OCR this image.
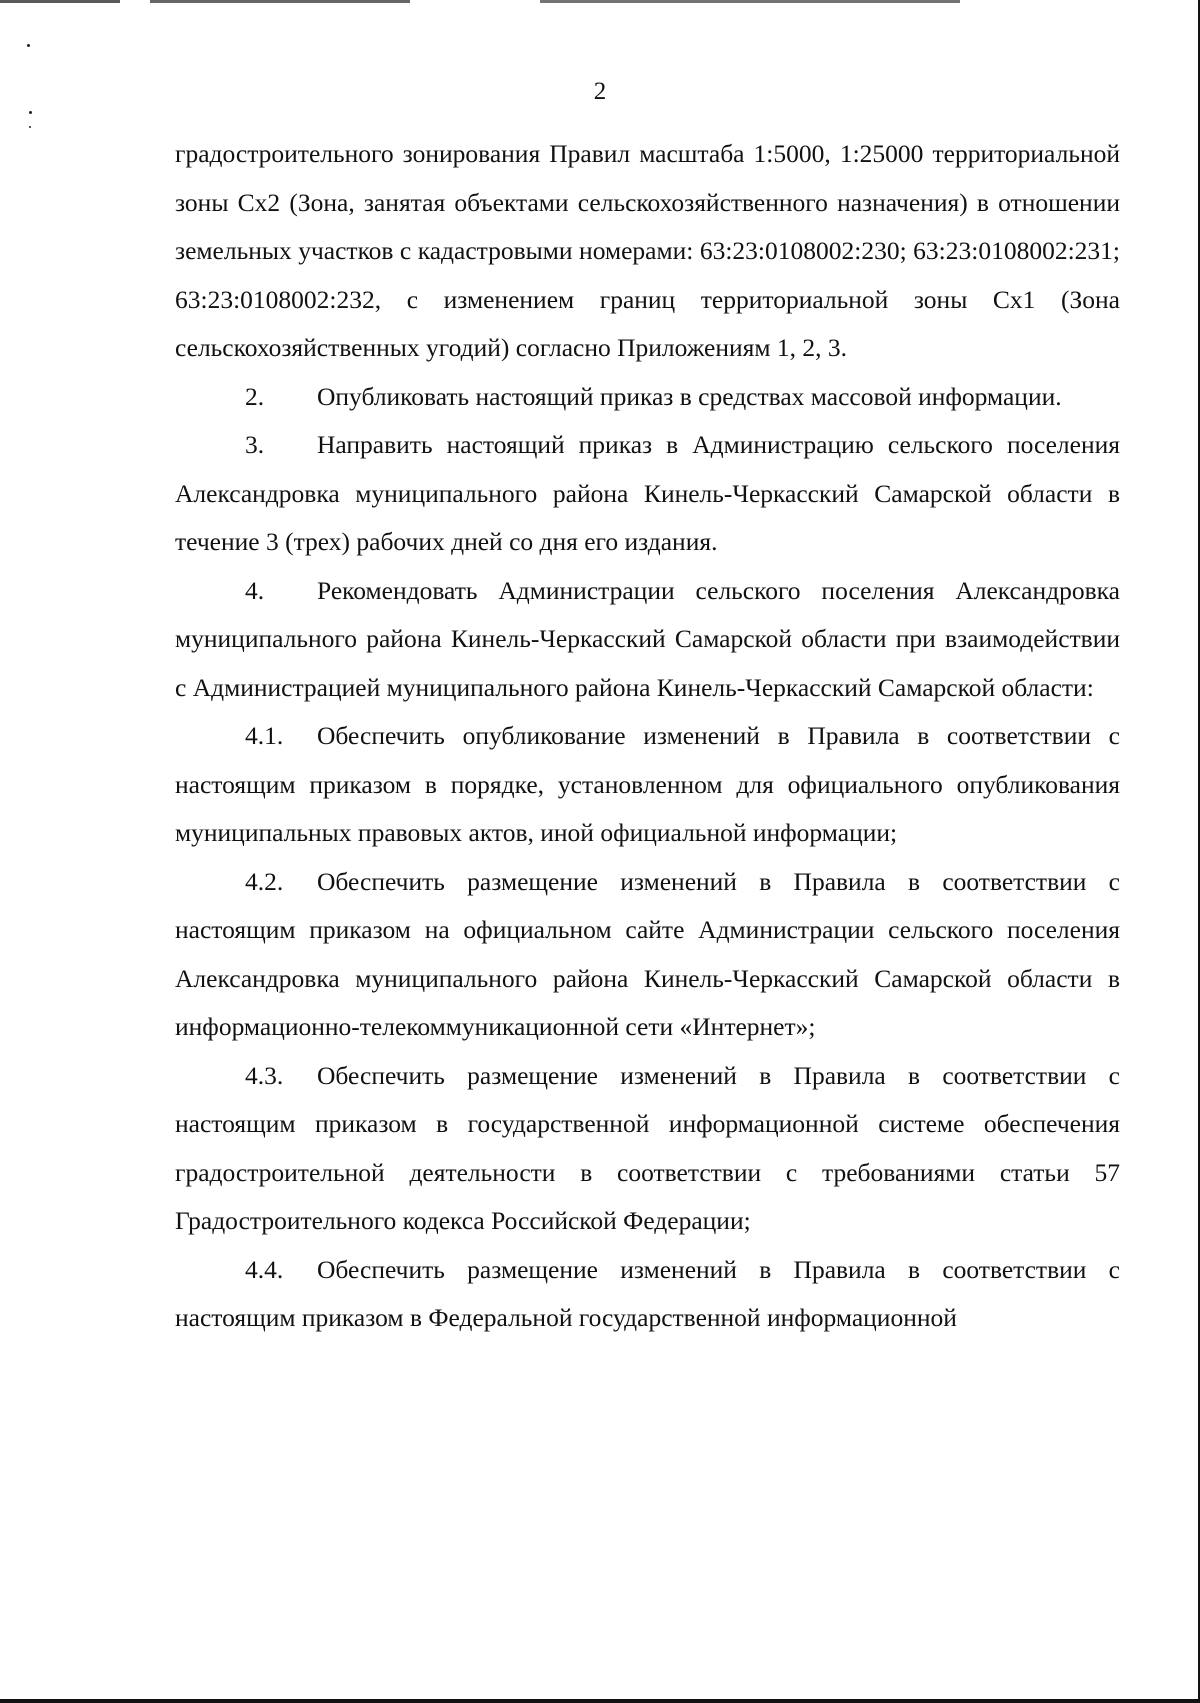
2

градостроительного зонирования Правил масштаба 1:5000, 1:25000 территориальной зоны Сх2 (Зона, занятая объектами сельскохозяйственного назначения) в отношении земельных участков с кадастровыми номерами: 63:23:0108002:230; 63:23:0108002:231; 63:23:0108002:232, с изменением границ территориальной зоны Сх1 (Зона сельскохозяйственных угодий) согласно Приложениям 1, 2, 3.

2. Опубликовать настоящий приказ в средствах массовой информации.

3. Направить настоящий приказ в Администрацию сельского поселения Александровка муниципального района Кинель-Черкасский Самарской области в течение 3 (трех) рабочих дней со дня его издания.

4. Рекомендовать Администрации сельского поселения Александровка муниципального района Кинель-Черкасский Самарской области при взаимодействии с Администрацией муниципального района Кинель-Черкасский Самарской области:

4.1. Обеспечить опубликование изменений в Правила в соответствии с настоящим приказом в порядке, установленном для официального опубликования муниципальных правовых актов, иной официальной информации;

4.2. Обеспечить размещение изменений в Правила в соответствии с настоящим приказом на официальном сайте Администрации сельского поселения Александровка муниципального района Кинель-Черкасский Самарской области в информационно-телекоммуникационной сети «Интернет»;

4.3. Обеспечить размещение изменений в Правила в соответствии с настоящим приказом в государственной информационной системе обеспечения градостроительной деятельности в соответствии с требованиями статьи 57 Градостроительного кодекса Российской Федерации;

4.4. Обеспечить размещение изменений в Правила в соответствии с настоящим приказом в Федеральной государственной информационной
